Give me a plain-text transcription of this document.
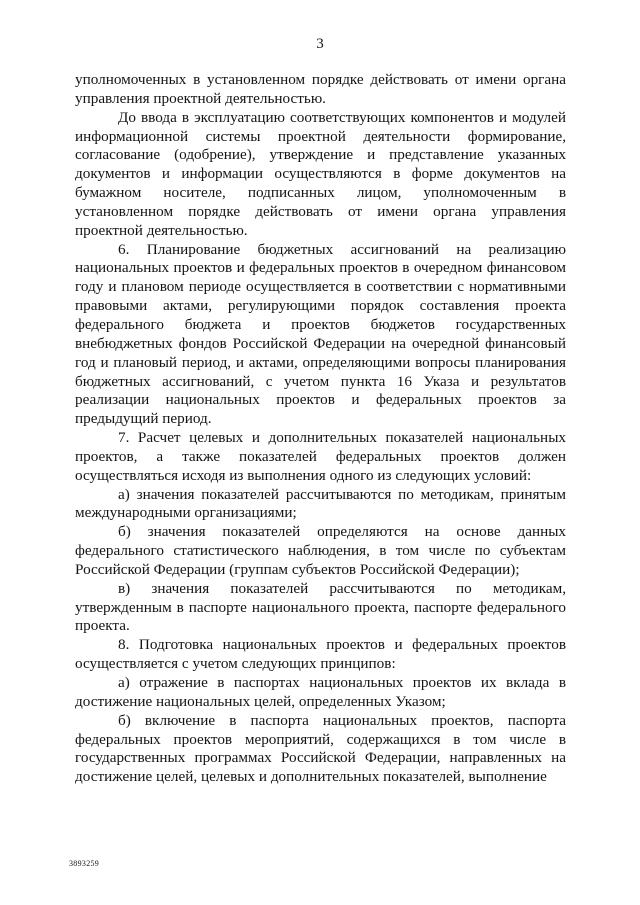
3

уполномоченных в установленном порядке действовать от имени органа управления проектной деятельностью.

До ввода в эксплуатацию соответствующих компонентов и модулей информационной системы проектной деятельности формирование, согласование (одобрение), утверждение и представление указанных документов и информации осуществляются в форме документов на бумажном носителе, подписанных лицом, уполномоченным в установленном порядке действовать от имени органа управления проектной деятельностью.

6. Планирование бюджетных ассигнований на реализацию национальных проектов и федеральных проектов в очередном финансовом году и плановом периоде осуществляется в соответствии с нормативными правовыми актами, регулирующими порядок составления проекта федерального бюджета и проектов бюджетов государственных внебюджетных фондов Российской Федерации на очередной финансовый год и плановый период, и актами, определяющими вопросы планирования бюджетных ассигнований, с учетом пункта 16 Указа и результатов реализации национальных проектов и федеральных проектов за предыдущий период.

7. Расчет целевых и дополнительных показателей национальных проектов, а также показателей федеральных проектов должен осуществляться исходя из выполнения одного из следующих условий:

а) значения показателей рассчитываются по методикам, принятым международными организациями;

б) значения показателей определяются на основе данных федерального статистического наблюдения, в том числе по субъектам Российской Федерации (группам субъектов Российской Федерации);

в) значения показателей рассчитываются по методикам, утвержденным в паспорте национального проекта, паспорте федерального проекта.

8. Подготовка национальных проектов и федеральных проектов осуществляется с учетом следующих принципов:

а) отражение в паспортах национальных проектов их вклада в достижение национальных целей, определенных Указом;

б) включение в паспорта национальных проектов, паспорта федеральных проектов мероприятий, содержащихся в том числе в государственных программах Российской Федерации, направленных на достижение целей, целевых и дополнительных показателей, выполнение

3893259
